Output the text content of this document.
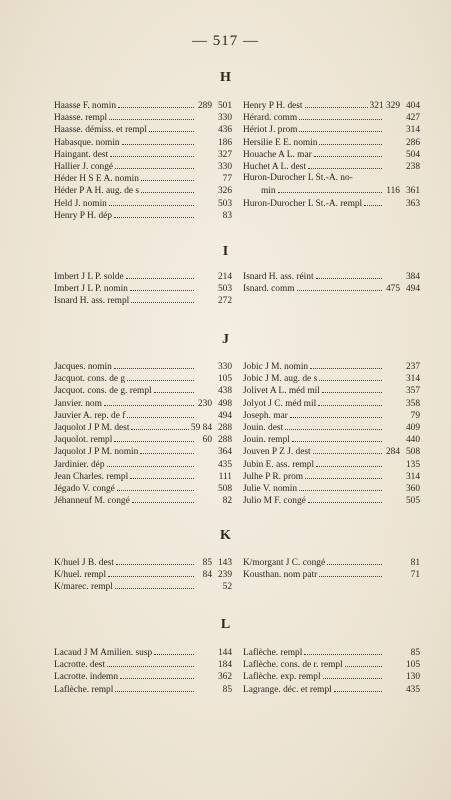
— 517 —
H
Haasse F. nomin	289 501
Haasse. rempl	330
Haasse. démiss. et rempl	436
Habasque. nomin	186
Haingant. dest	327
Hallier J. congé	330
Héder H S E A. nomin	77
Héder P A H. aug. de s	326
Held J. nomin	503
Henry P H. dép	83
Henry P H. dest	321 329 404
Hérard. comm	427
Hériot J. prom	314
Hersilie E E. nomin	286
Houache A L. mar	504
Huchet A L. dest	238
Huron-Durocher L St.-A. no-
min	116 361
Huron-Durocher L St.-A. rempl	363
I
Imbert J L P. solde	214
Imbert J L P. nomin	503
Isnard H. ass. rempl	272
Isnard H. ass. réint	384
Isnard. comm	475 494
J
Jacques. nomin	330
Jacquot. cons. de g	105
Jacquot. cons. de g. rempl	438
Janvier. nom	230 498
Jauvier A. rep. de f	494
Jaquolot J P M. dest	59 84 288
Jaquolot. rempl	60 288
Jaquolot J P M. nomin	364
Jardinier. dép	435
Jean Charles. rempl	111
Jégado V. congé	508
Jéhanneuf M. congé	82
Jobic J M. nomin	237
Jobic J M. aug. de s	314
Jolivet A L. méd mil	357
Jolyot J C. méd mil	358
Joseph. mar	79
Jouin. dest	409
Jouin. rempl	440
Jouven P Z J. dest	284 508
Jubin E. ass. rempl	135
Julhe P R. prom	314
Julie V. nomin	360
Julio M F. congé	505
K
K/huel J B. dest	85 143
K/huel. rempl	84 239
K/marec. rempl	52
K/morgant J C. congé	81
Kousthan. nom patr	71
L
Lacaud J M Amilien. susp	144
Lacrotte. dest	184
Lacrotte. indemn	362
Laflèche. rempl	85
Laflèche. rempl	85
Laflèche. cons. de r. rempl	105
Laflèche. exp. rempl	130
Lagrange. déc. et rempl	435
